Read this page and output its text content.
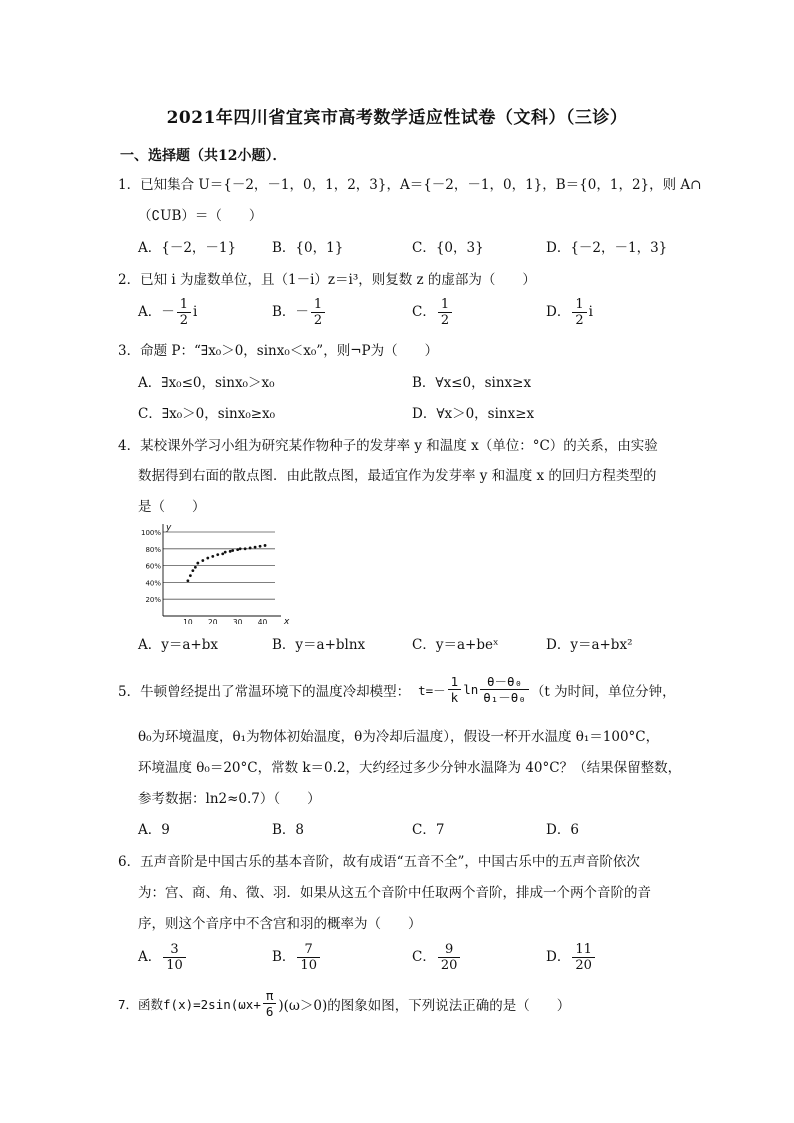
2021年四川省宜宾市高考数学适应性试卷（文科）（三诊）
一、选择题（共12小题）．
1．已知集合 U＝{－2，－1，0，1，2，3}，A＝{－2，－1，0，1}，B＝{0，1，2}，则 A∩
（∁UB）＝（　　）
A．{－2，－1}	B．{0，1}	C．{0，3}	D．{－2，－1，3}
2．已知 i 为虚数单位，且（1－i）z＝i³，则复数 z 的虚部为（　　）
A．－ $\frac{1}{2}$ i	B．－ $\frac{1}{2}$	C． $\frac{1}{2}$	D． $\frac{1}{2}$ i
3．命题 P：“∃x₀＞0，sinx₀＜x₀”，则¬P为（　　）
A．∃x₀≤0，sinx₀＞x₀	B．∀x≤0，sinx≥x
C．∃x₀＞0，sinx₀≥x₀	D．∀x＞0，sinx≥x
4．某校课外学习小组为研究某作物种子的发芽率 y 和温度 x（单位：°C）的关系，由实验
数据得到右面的散点图．由此散点图，最适宜作为发芽率 y 和温度 x 的回归方程类型的
是（　　）
20%
40%
60%
80%
100%
10 20 30 40 x
y
A．y＝a+bx	B．y＝a+blnx	C．y＝a+beˣ	D．y＝a+bx²
5．牛顿曾经提出了常温环境下的温度冷却模型： $t=- \frac{1}{k}$ $\ln \frac{\text{θ－θ₀}}{\text{θ₁－θ₀}} (t$ 为时间，单位分钟，
θ₀为环境温度，θ₁为物体初始温度，θ为冷却后温度），假设一杯开水温度 θ₁＝100°C，
环境温度 θ₀＝20°C，常数 k＝0.2，大约经过多少分钟水温降为 40°C？（结果保留整数，
参考数据：ln2≈0.7）（　　）
A．9	B．8	C．7	D．6
6．五声音阶是中国古乐的基本音阶，故有成语“五音不全”，中国古乐中的五声音阶依次
为：宫、商、角、徵、羽．如果从这五个音阶中任取两个音阶，排成一个两个音阶的音
序，则这个音序中不含宫和羽的概率为（　　）
A． $\frac{3}{10}$	B． $\frac{7}{10}$	C． $\frac{9}{20}$	D． $\frac{11}{20}$
7．函数$f(x)=2\sin(\omega x+ \frac{\pi}{6} )(\omega>0)$的图象如图，下列说法正确的是（　　）
